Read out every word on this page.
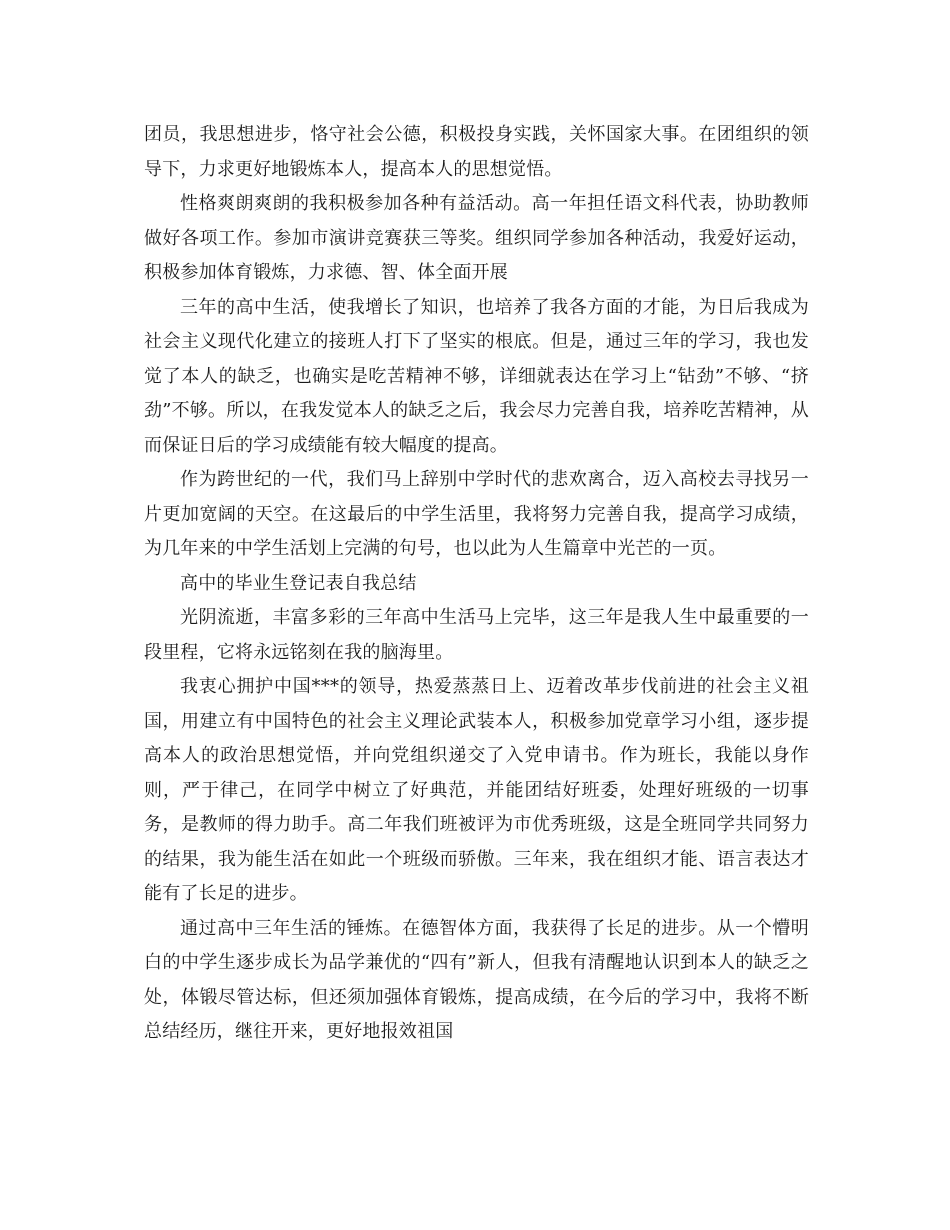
团员，我思想进步，恪守社会公德，积极投身实践，关怀国家大事。在团组织的领导下，力求更好地锻炼本人，提高本人的思想觉悟。

性格爽朗爽朗的我积极参加各种有益活动。高一年担任语文科代表，协助教师做好各项工作。参加市演讲竞赛获三等奖。组织同学参加各种活动，我爱好运动，积极参加体育锻炼，力求德、智、体全面开展

三年的高中生活，使我增长了知识，也培养了我各方面的才能，为日后我成为社会主义现代化建立的接班人打下了坚实的根底。但是，通过三年的学习，我也发觉了本人的缺乏，也确实是吃苦精神不够，详细就表达在学习上“钻劲”不够、“挤劲”不够。所以，在我发觉本人的缺乏之后，我会尽力完善自我，培养吃苦精神，从而保证日后的学习成绩能有较大幅度的提高。

作为跨世纪的一代，我们马上辞别中学时代的悲欢离合，迈入高校去寻找另一片更加宽阔的天空。在这最后的中学生活里，我将努力完善自我，提高学习成绩，为几年来的中学生活划上完满的句号，也以此为人生篇章中光芒的一页。

高中的毕业生登记表自我总结

光阴流逝，丰富多彩的三年高中生活马上完毕，这三年是我人生中最重要的一段里程，它将永远铭刻在我的脑海里。

我衷心拥护中国***的领导，热爱蒸蒸日上、迈着改革步伐前进的社会主义祖国，用建立有中国特色的社会主义理论武装本人，积极参加党章学习小组，逐步提高本人的政治思想觉悟，并向党组织递交了入党申请书。作为班长，我能以身作则，严于律己，在同学中树立了好典范，并能团结好班委，处理好班级的一切事务，是教师的得力助手。高二年我们班被评为市优秀班级，这是全班同学共同努力的结果，我为能生活在如此一个班级而骄傲。三年来，我在组织才能、语言表达才能有了长足的进步。

通过高中三年生活的锤炼。在德智体方面，我获得了长足的进步。从一个懵明白的中学生逐步成长为品学兼优的“四有”新人，但我有清醒地认识到本人的缺乏之处，体锻尽管达标，但还须加强体育锻炼，提高成绩，在今后的学习中，我将不断总结经历，继往开来，更好地报效祖国
